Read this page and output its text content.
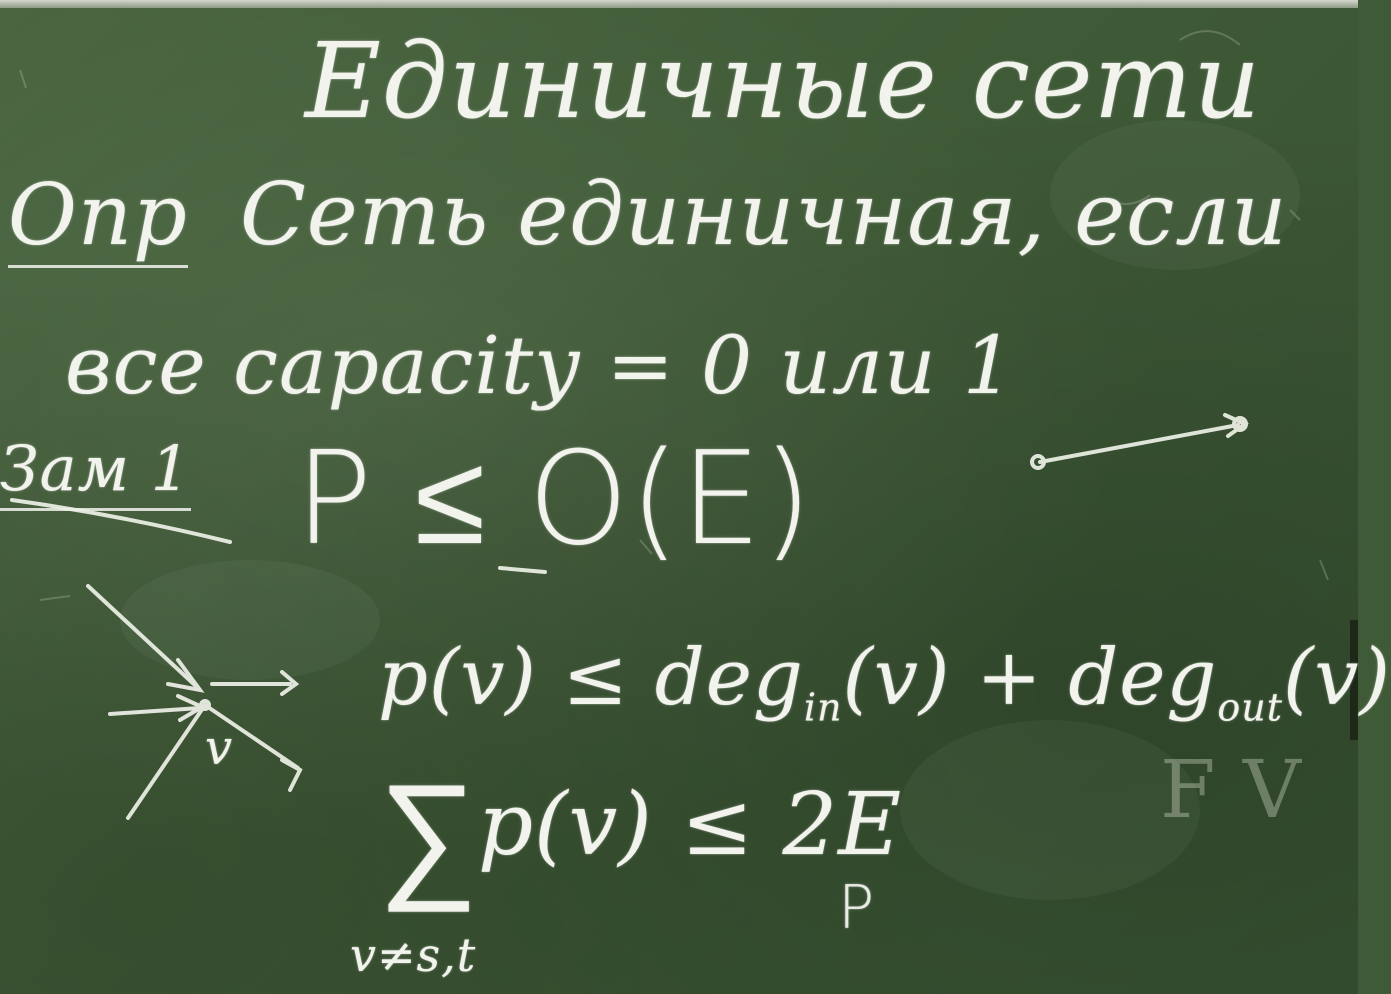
Единичные сети
Опр Сеть единичная, если
все capacity = 0 или 1
Зам 1 P ≤ O(E)
p(v) ≤ deg$_{in}$(v) + deg$_{out}$(v)
∑ p(v) ≤ 2E
v≠s,t
v
P
F V
